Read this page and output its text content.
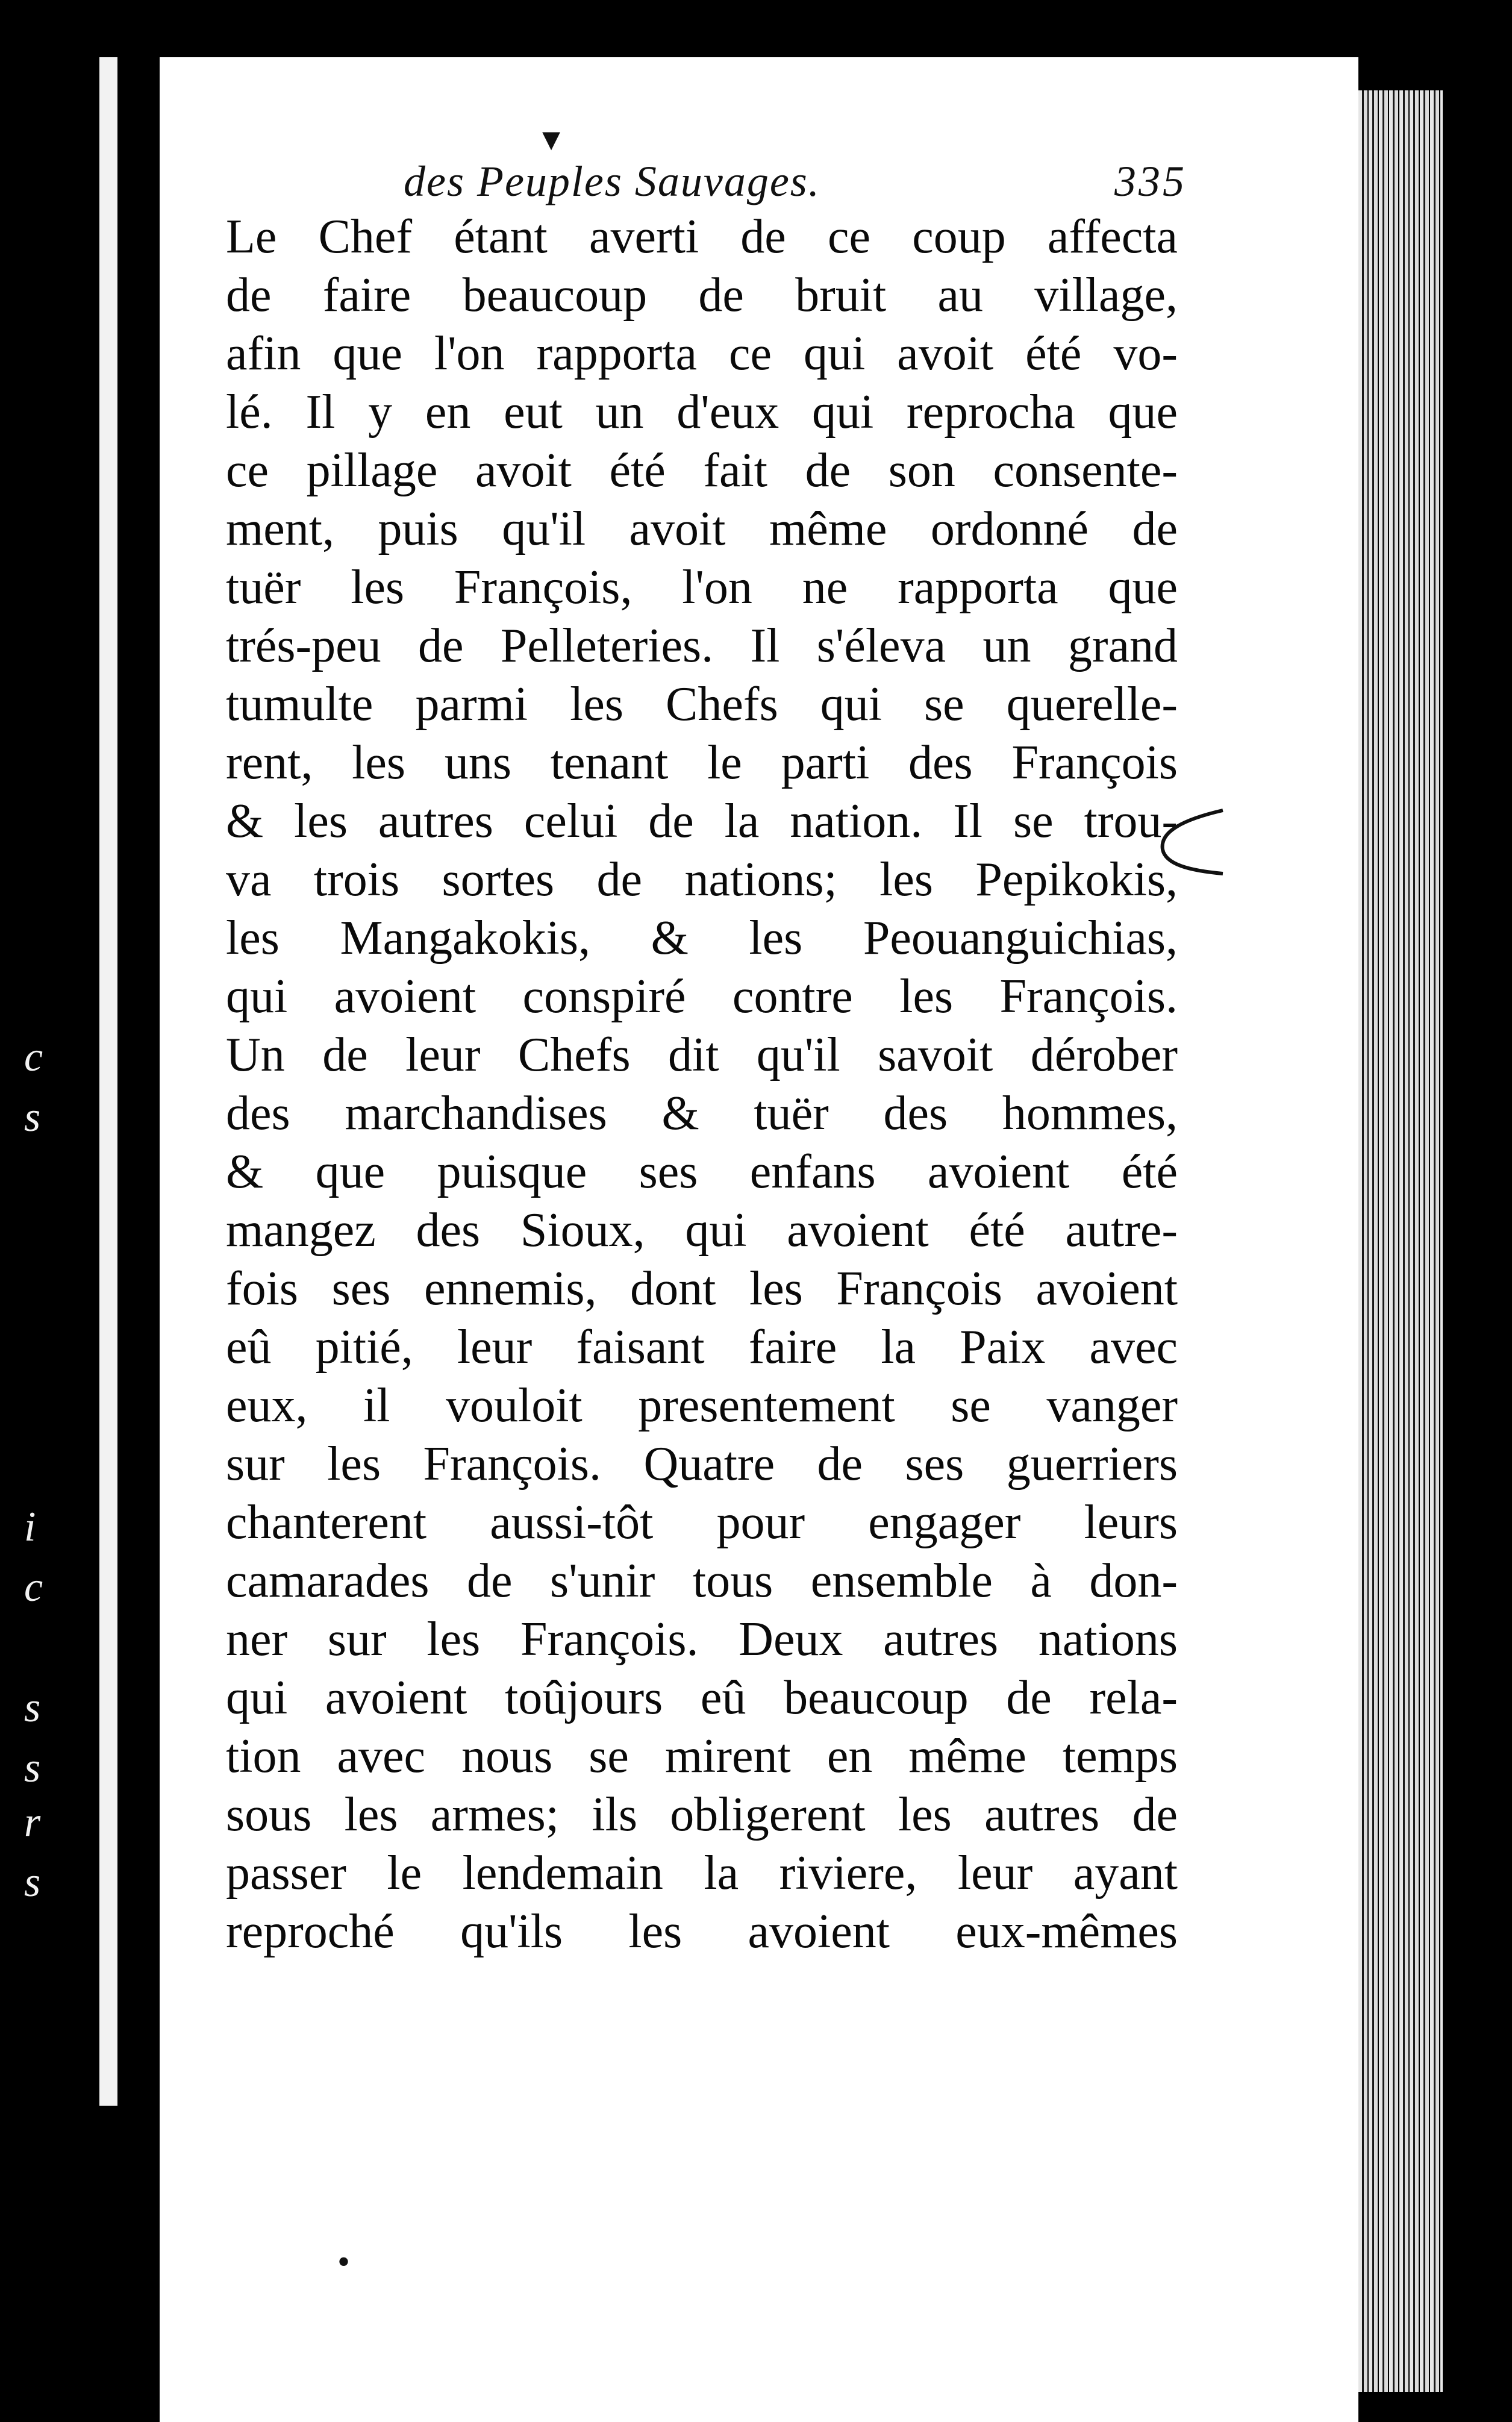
c
s
i
c
s
s
r
s
des Peuples Sauvages.	335
Le Chef étant averti de ce coup affecta
de faire beaucoup de bruit au village,
afin que l'on rapporta ce qui avoit été vo-
lé. Il y en eut un d'eux qui reprocha que
ce pillage avoit été fait de son consente-
ment, puis qu'il avoit même ordonné de
tuër les François, l'on ne rapporta que
trés-peu de Pelleteries. Il s'éleva un grand
tumulte parmi les Chefs qui se querelle-
rent, les uns tenant le parti des François
& les autres celui de la nation. Il se trou-
va trois sortes de nations; les Pepikokis,
les Mangakokis, & les Peouanguichias,
qui avoient conspiré contre les François.
Un de leur Chefs dit qu'il savoit dérober
des marchandises & tuër des hommes,
& que puisque ses enfans avoient été
mangez des Sioux, qui avoient été autre-
fois ses ennemis, dont les François avoient
eû pitié, leur faisant faire la Paix avec
eux, il vouloit presentement se vanger
sur les François. Quatre de ses guerriers
chanterent aussi-tôt pour engager leurs
camarades de s'unir tous ensemble à don-
ner sur les François. Deux autres nations
qui avoient toûjours eû beaucoup de rela-
tion avec nous se mirent en même temps
sous les armes; ils obligerent les autres de
passer le lendemain la riviere, leur ayant
reproché qu'ils les avoient eux-mêmes
▾
•
